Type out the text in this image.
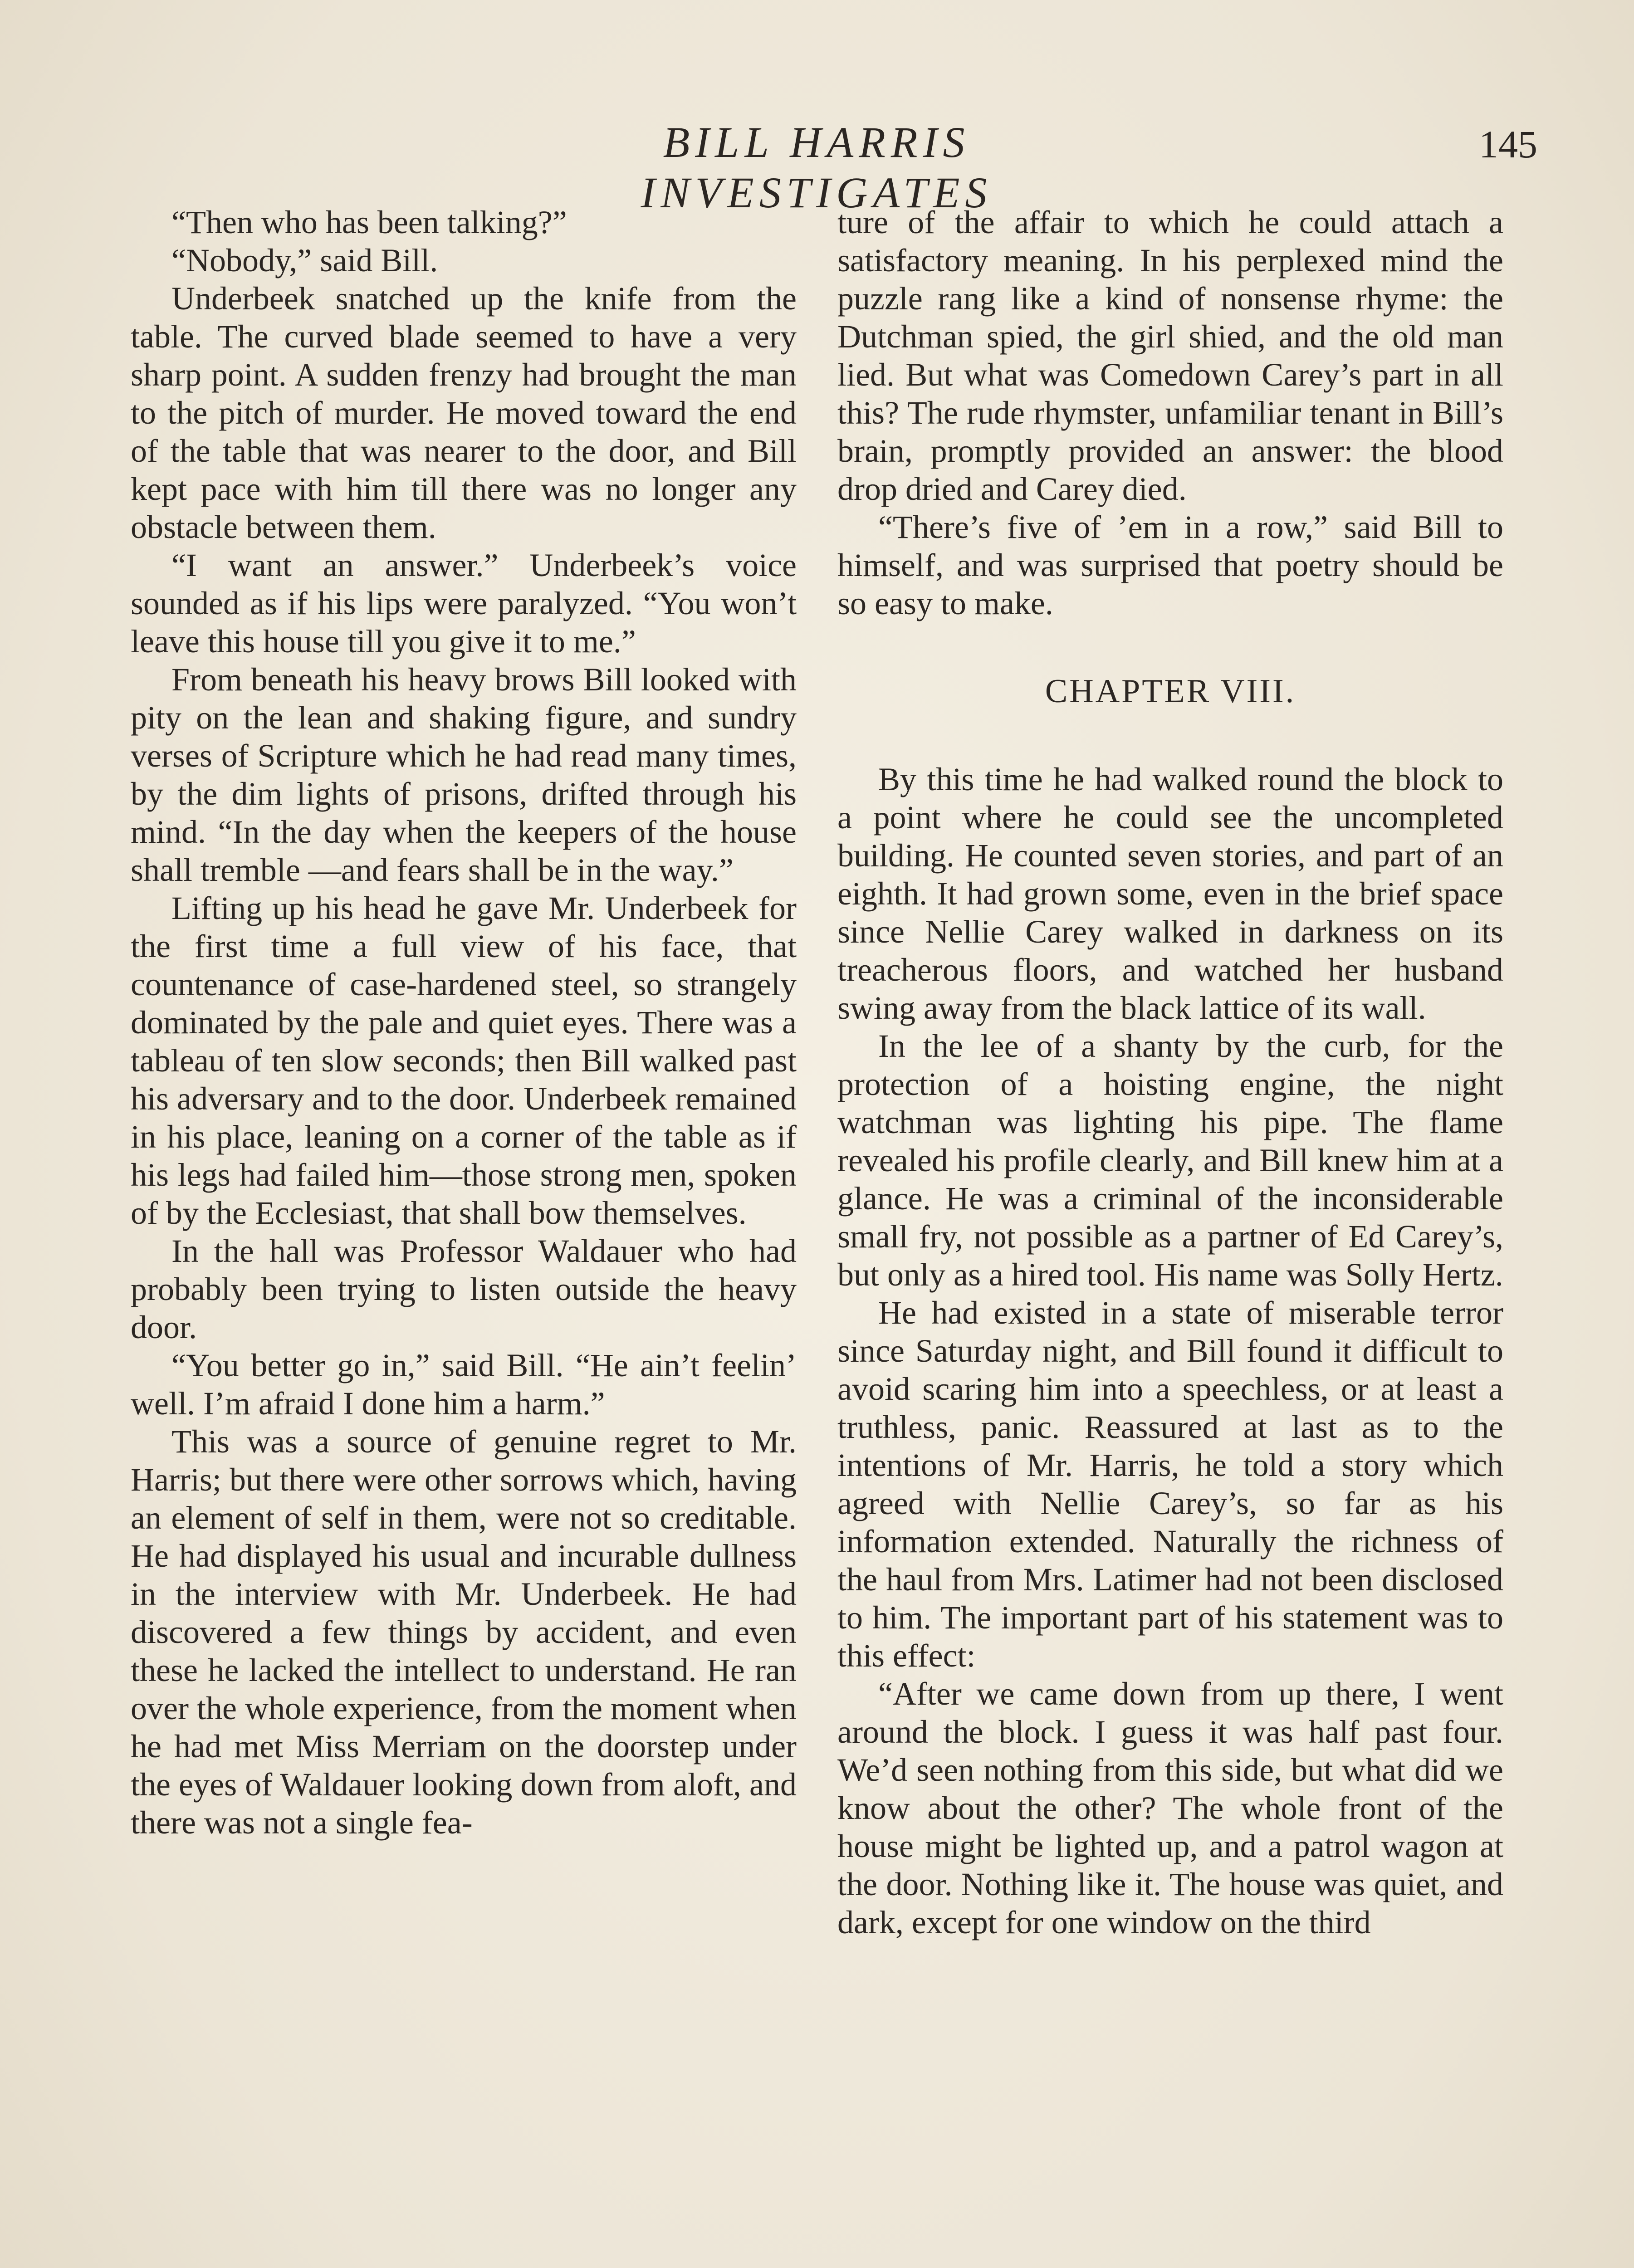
BILL HARRIS INVESTIGATES
145

“Then who has been talking?”

“Nobody,” said Bill.

Underbeek snatched up the knife from the table. The curved blade seemed to have a very sharp point. A sudden frenzy had brought the man to the pitch of murder. He moved toward the end of the table that was nearer to the door, and Bill kept pace with him till there was no longer any obstacle between them.

“I want an answer.” Underbeek’s voice sounded as if his lips were paralyzed. “You won’t leave this house till you give it to me.”

From beneath his heavy brows Bill looked with pity on the lean and shaking figure, and sundry verses of Scripture which he had read many times, by the dim lights of prisons, drifted through his mind. “In the day when the keepers of the house shall tremble —and fears shall be in the way.”

Lifting up his head he gave Mr. Underbeek for the first time a full view of his face, that countenance of case-hardened steel, so strangely dominated by the pale and quiet eyes. There was a tableau of ten slow seconds; then Bill walked past his adversary and to the door. Underbeek remained in his place, leaning on a corner of the table as if his legs had failed him—those strong men, spoken of by the Ecclesiast, that shall bow themselves.

In the hall was Professor Waldauer who had probably been trying to listen outside the heavy door.

“You better go in,” said Bill. “He ain’t feelin’ well. I’m afraid I done him a harm.”

This was a source of genuine regret to Mr. Harris; but there were other sorrows which, having an element of self in them, were not so creditable. He had displayed his usual and incurable dullness in the interview with Mr. Underbeek. He had discovered a few things by accident, and even these he lacked the intellect to understand. He ran over the whole experience, from the moment when he had met Miss Merriam on the doorstep under the eyes of Waldauer looking down from aloft, and there was not a single fea-

ture of the affair to which he could attach a satisfactory meaning. In his perplexed mind the puzzle rang like a kind of nonsense rhyme: the Dutchman spied, the girl shied, and the old man lied. But what was Comedown Carey’s part in all this? The rude rhymster, unfamiliar tenant in Bill’s brain, promptly provided an answer: the blood drop dried and Carey died.

“There’s five of ’em in a row,” said Bill to himself, and was surprised that poetry should be so easy to make.

CHAPTER VIII.

By this time he had walked round the block to a point where he could see the uncompleted building. He counted seven stories, and part of an eighth. It had grown some, even in the brief space since Nellie Carey walked in darkness on its treacherous floors, and watched her husband swing away from the black lattice of its wall.

In the lee of a shanty by the curb, for the protection of a hoisting engine, the night watchman was lighting his pipe. The flame revealed his profile clearly, and Bill knew him at a glance. He was a criminal of the inconsiderable small fry, not possible as a partner of Ed Carey’s, but only as a hired tool. His name was Solly Hertz.

He had existed in a state of miserable terror since Saturday night, and Bill found it difficult to avoid scaring him into a speechless, or at least a truthless, panic. Reassured at last as to the intentions of Mr. Harris, he told a story which agreed with Nellie Carey’s, so far as his information extended. Naturally the richness of the haul from Mrs. Latimer had not been disclosed to him. The important part of his statement was to this effect:

“After we came down from up there, I went around the block. I guess it was half past four. We’d seen nothing from this side, but what did we know about the other? The whole front of the house might be lighted up, and a patrol wagon at the door. Nothing like it. The house was quiet, and dark, except for one window on the third
